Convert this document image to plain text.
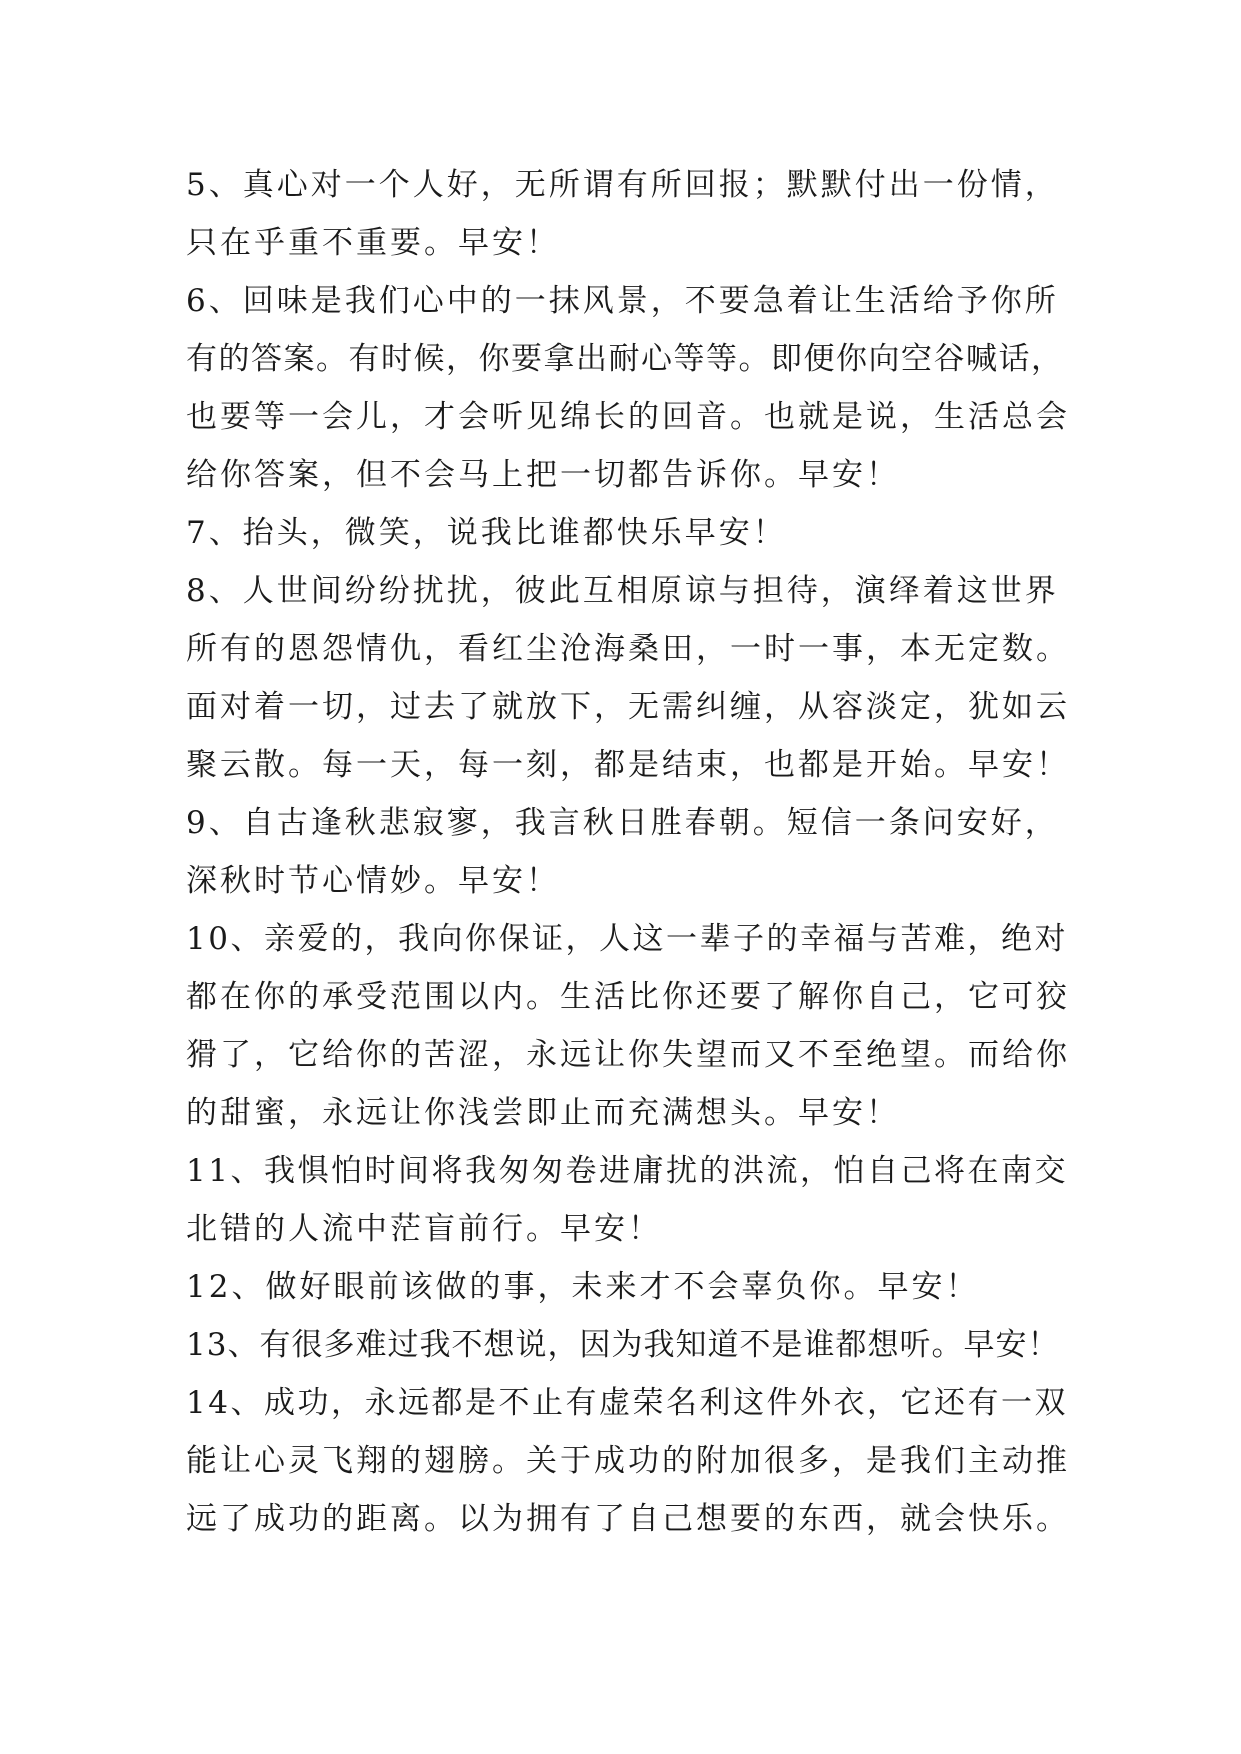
5、真心对一个人好，无所谓有所回报；默默付出一份情，
只在乎重不重要。早安！
6、回味是我们心中的一抹风景，不要急着让生活给予你所
有的答案。有时候，你要拿出耐心等等。即便你向空谷喊话，
也要等一会儿，才会听见绵长的回音。也就是说，生活总会
给你答案，但不会马上把一切都告诉你。早安！
7、抬头，微笑，说我比谁都快乐早安！
8、人世间纷纷扰扰，彼此互相原谅与担待，演绎着这世界
所有的恩怨情仇，看红尘沧海桑田，一时一事，本无定数。
面对着一切，过去了就放下，无需纠缠，从容淡定，犹如云
聚云散。每一天，每一刻，都是结束，也都是开始。早安！
9、自古逢秋悲寂寥，我言秋日胜春朝。短信一条问安好，
深秋时节心情妙。早安！
10、亲爱的，我向你保证，人这一辈子的幸福与苦难，绝对
都在你的承受范围以内。生活比你还要了解你自己，它可狡
猾了，它给你的苦涩，永远让你失望而又不至绝望。而给你
的甜蜜，永远让你浅尝即止而充满想头。早安！
11、我惧怕时间将我匆匆卷进庸扰的洪流，怕自己将在南交
北错的人流中茫盲前行。早安！
12、做好眼前该做的事，未来才不会辜负你。早安！
13、有很多难过我不想说，因为我知道不是谁都想听。早安！
14、成功，永远都是不止有虚荣名利这件外衣，它还有一双
能让心灵飞翔的翅膀。关于成功的附加很多，是我们主动推
远了成功的距离。以为拥有了自己想要的东西，就会快乐。
